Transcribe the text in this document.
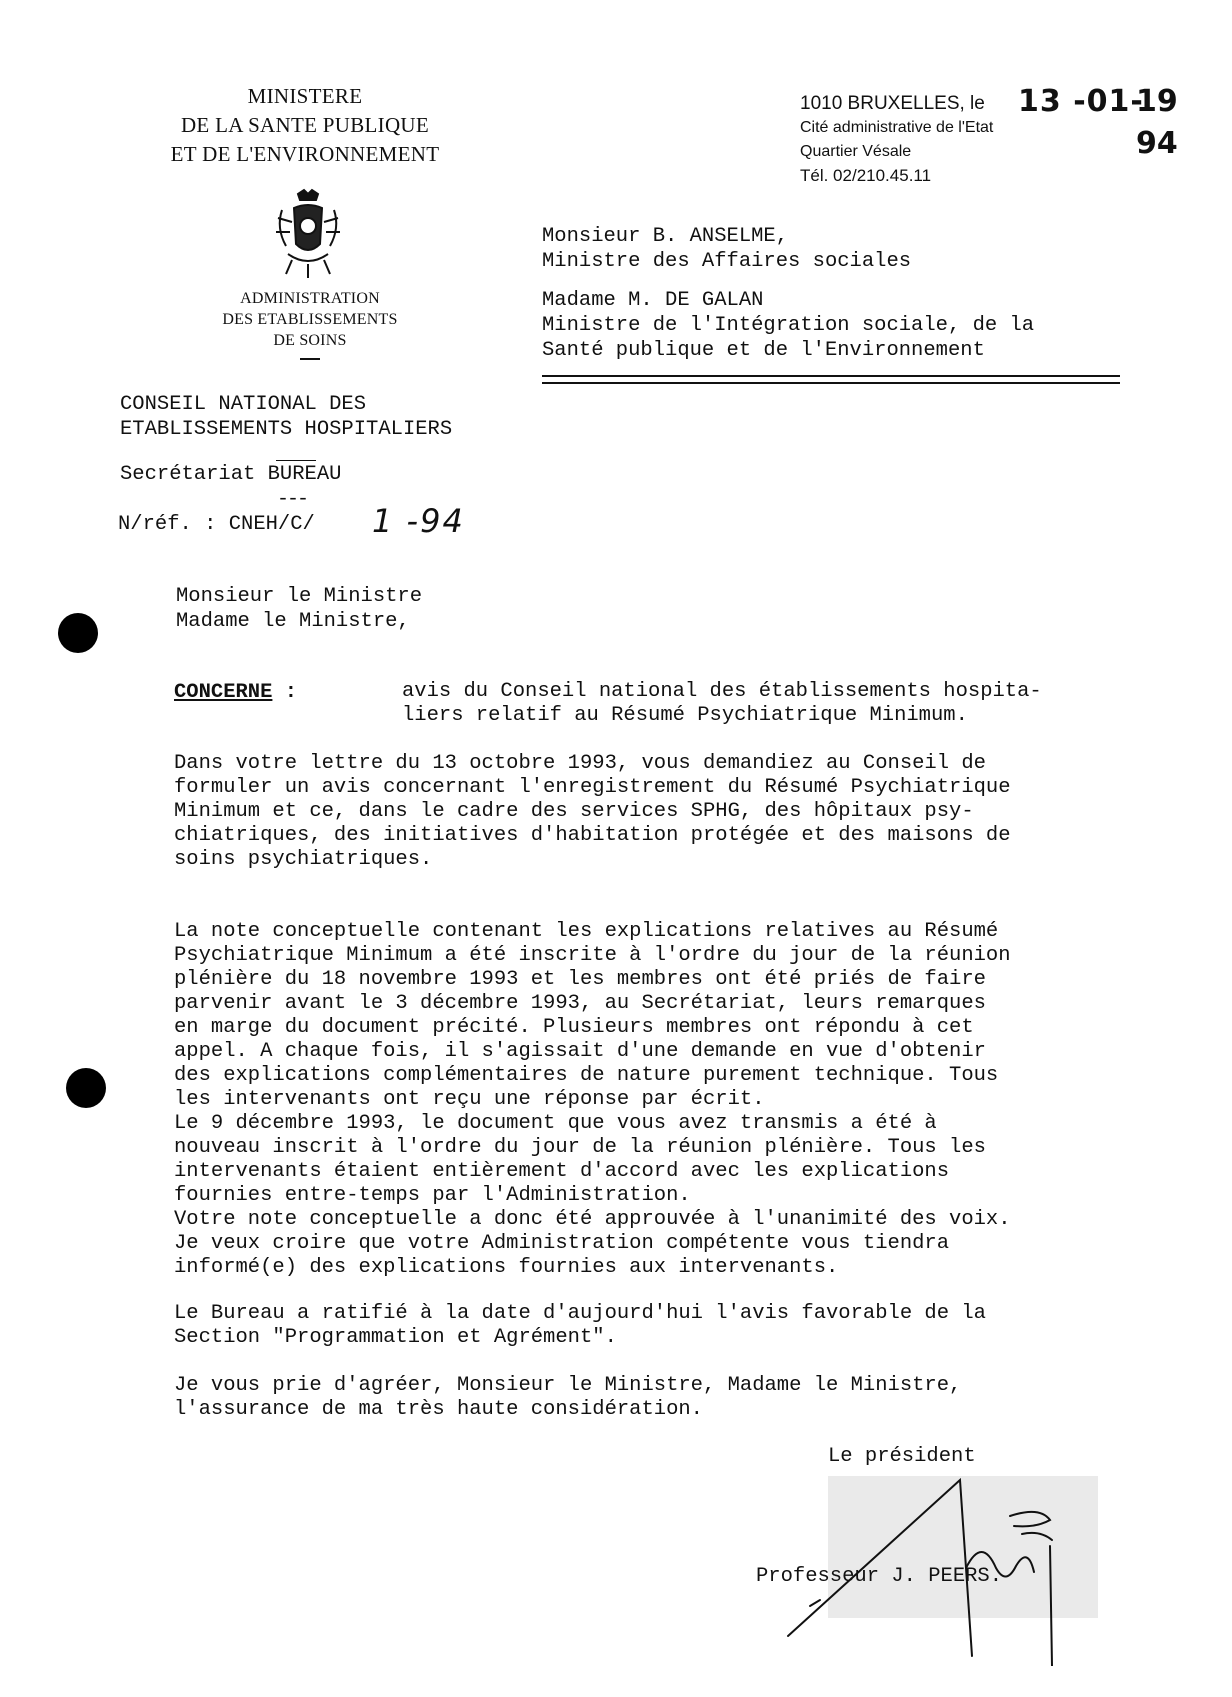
MINISTERE
DE LA SANTE PUBLIQUE
ET DE L'ENVIRONNEMENT
ADMINISTRATION
DES ETABLISSEMENTS
DE SOINS
CONSEIL NATIONAL DES
ETABLISSEMENTS HOSPITALIERS
Secrétariat BUREAU
---
N/réf. : CNEH/C/ 1 -94
1010 BRUXELLES, le
Cité administrative de l'Etat
Quartier Vésale
Tél. 02/210.45.11
13 -01-
19
94
Monsieur B. ANSELME,
Ministre des Affaires sociales
Madame M. DE GALAN
Ministre de l'Intégration sociale, de la
Santé publique et de l'Environnement
Monsieur le Ministre
Madame le Ministre,
CONCERNE :	avis du Conseil national des établissements hospita-
liers relatif au Résumé Psychiatrique Minimum.
Dans votre lettre du 13 octobre 1993, vous demandiez au Conseil de
formuler un avis concernant l'enregistrement du Résumé Psychiatrique
Minimum et ce, dans le cadre des services SPHG, des hôpitaux psy-
chiatriques, des initiatives d'habitation protégée et des maisons de
soins psychiatriques.
La note conceptuelle contenant les explications relatives au Résumé
Psychiatrique Minimum a été inscrite à l'ordre du jour de la réunion
plénière du 18 novembre 1993 et les membres ont été priés de faire
parvenir avant le 3 décembre 1993, au Secrétariat, leurs remarques
en marge du document précité. Plusieurs membres ont répondu à cet
appel. A chaque fois, il s'agissait d'une demande en vue d'obtenir
des explications complémentaires de nature purement technique. Tous
les intervenants ont reçu une réponse par écrit.
Le 9 décembre 1993, le document que vous avez transmis a été à
nouveau inscrit à l'ordre du jour de la réunion plénière. Tous les
intervenants étaient entièrement d'accord avec les explications
fournies entre-temps par l'Administration.
Votre note conceptuelle a donc été approuvée à l'unanimité des voix.
Je veux croire que votre Administration compétente vous tiendra
informé(e) des explications fournies aux intervenants.
Le Bureau a ratifié à la date d'aujourd'hui l'avis favorable de la
Section "Programmation et Agrément".
Je vous prie d'agréer, Monsieur le Ministre, Madame le Ministre,
l'assurance de ma très haute considération.
Le président
Professeur J. PEERS.
